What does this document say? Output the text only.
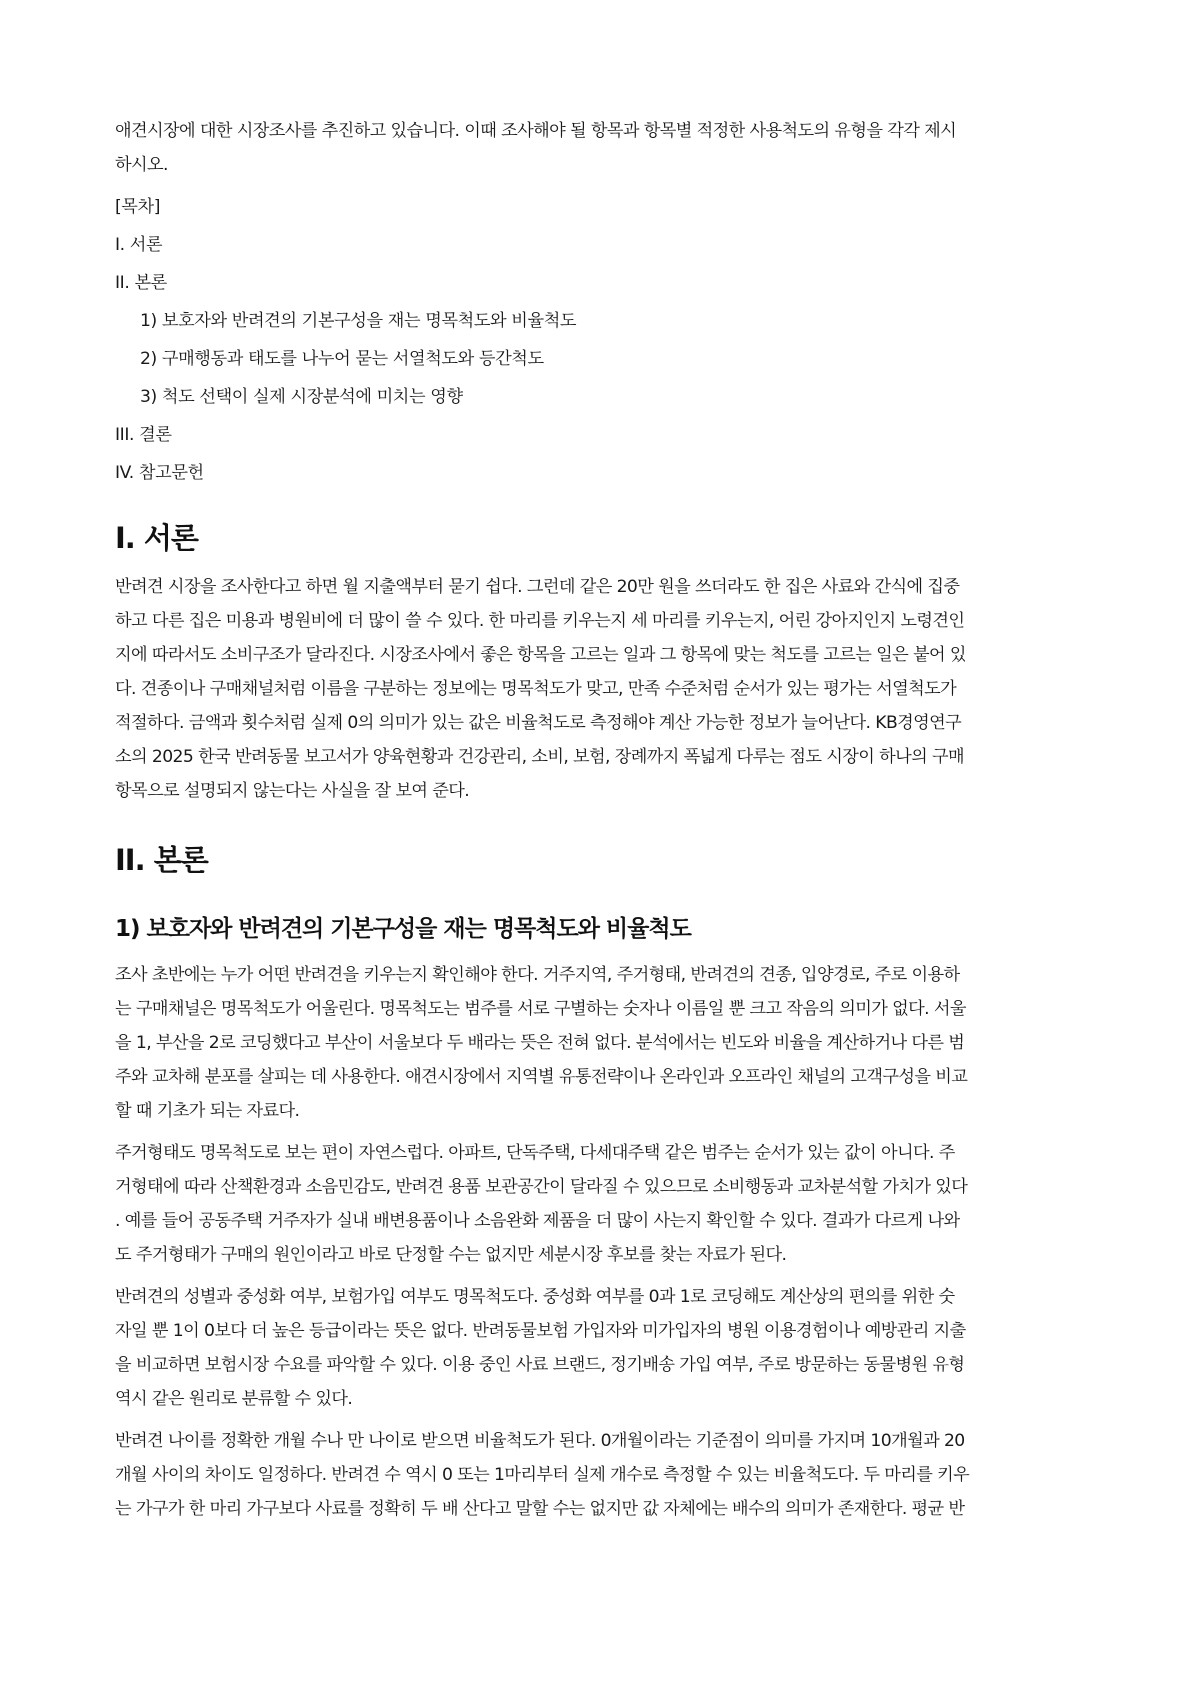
애견시장에 대한 시장조사를 추진하고 있습니다. 이때 조사해야 될 항목과 항목별 적정한 사용척도의 유형을 각각 제시
하시오.
[목차]
I. 서론
II. 본론
1) 보호자와 반려견의 기본구성을 재는 명목척도와 비율척도
2) 구매행동과 태도를 나누어 묻는 서열척도와 등간척도
3) 척도 선택이 실제 시장분석에 미치는 영향
III. 결론
IV. 참고문헌
I. 서론
반려견 시장을 조사한다고 하면 월 지출액부터 묻기 쉽다. 그런데 같은 20만 원을 쓰더라도 한 집은 사료와 간식에 집중
하고 다른 집은 미용과 병원비에 더 많이 쓸 수 있다. 한 마리를 키우는지 세 마리를 키우는지, 어린 강아지인지 노령견인
지에 따라서도 소비구조가 달라진다. 시장조사에서 좋은 항목을 고르는 일과 그 항목에 맞는 척도를 고르는 일은 붙어 있
다. 견종이나 구매채널처럼 이름을 구분하는 정보에는 명목척도가 맞고, 만족 수준처럼 순서가 있는 평가는 서열척도가
적절하다. 금액과 횟수처럼 실제 0의 의미가 있는 값은 비율척도로 측정해야 계산 가능한 정보가 늘어난다. KB경영연구
소의 2025 한국 반려동물 보고서가 양육현황과 건강관리, 소비, 보험, 장례까지 폭넓게 다루는 점도 시장이 하나의 구매
항목으로 설명되지 않는다는 사실을 잘 보여 준다.
II. 본론
1) 보호자와 반려견의 기본구성을 재는 명목척도와 비율척도
조사 초반에는 누가 어떤 반려견을 키우는지 확인해야 한다. 거주지역, 주거형태, 반려견의 견종, 입양경로, 주로 이용하
는 구매채널은 명목척도가 어울린다. 명목척도는 범주를 서로 구별하는 숫자나 이름일 뿐 크고 작음의 의미가 없다. 서울
을 1, 부산을 2로 코딩했다고 부산이 서울보다 두 배라는 뜻은 전혀 없다. 분석에서는 빈도와 비율을 계산하거나 다른 범
주와 교차해 분포를 살피는 데 사용한다. 애견시장에서 지역별 유통전략이나 온라인과 오프라인 채널의 고객구성을 비교
할 때 기초가 되는 자료다.
주거형태도 명목척도로 보는 편이 자연스럽다. 아파트, 단독주택, 다세대주택 같은 범주는 순서가 있는 값이 아니다. 주
거형태에 따라 산책환경과 소음민감도, 반려견 용품 보관공간이 달라질 수 있으므로 소비행동과 교차분석할 가치가 있다
. 예를 들어 공동주택 거주자가 실내 배변용품이나 소음완화 제품을 더 많이 사는지 확인할 수 있다. 결과가 다르게 나와
도 주거형태가 구매의 원인이라고 바로 단정할 수는 없지만 세분시장 후보를 찾는 자료가 된다.
반려견의 성별과 중성화 여부, 보험가입 여부도 명목척도다. 중성화 여부를 0과 1로 코딩해도 계산상의 편의를 위한 숫
자일 뿐 1이 0보다 더 높은 등급이라는 뜻은 없다. 반려동물보험 가입자와 미가입자의 병원 이용경험이나 예방관리 지출
을 비교하면 보험시장 수요를 파악할 수 있다. 이용 중인 사료 브랜드, 정기배송 가입 여부, 주로 방문하는 동물병원 유형
역시 같은 원리로 분류할 수 있다.
반려견 나이를 정확한 개월 수나 만 나이로 받으면 비율척도가 된다. 0개월이라는 기준점이 의미를 가지며 10개월과 20
개월 사이의 차이도 일정하다. 반려견 수 역시 0 또는 1마리부터 실제 개수로 측정할 수 있는 비율척도다. 두 마리를 키우
는 가구가 한 마리 가구보다 사료를 정확히 두 배 산다고 말할 수는 없지만 값 자체에는 배수의 의미가 존재한다. 평균 반
